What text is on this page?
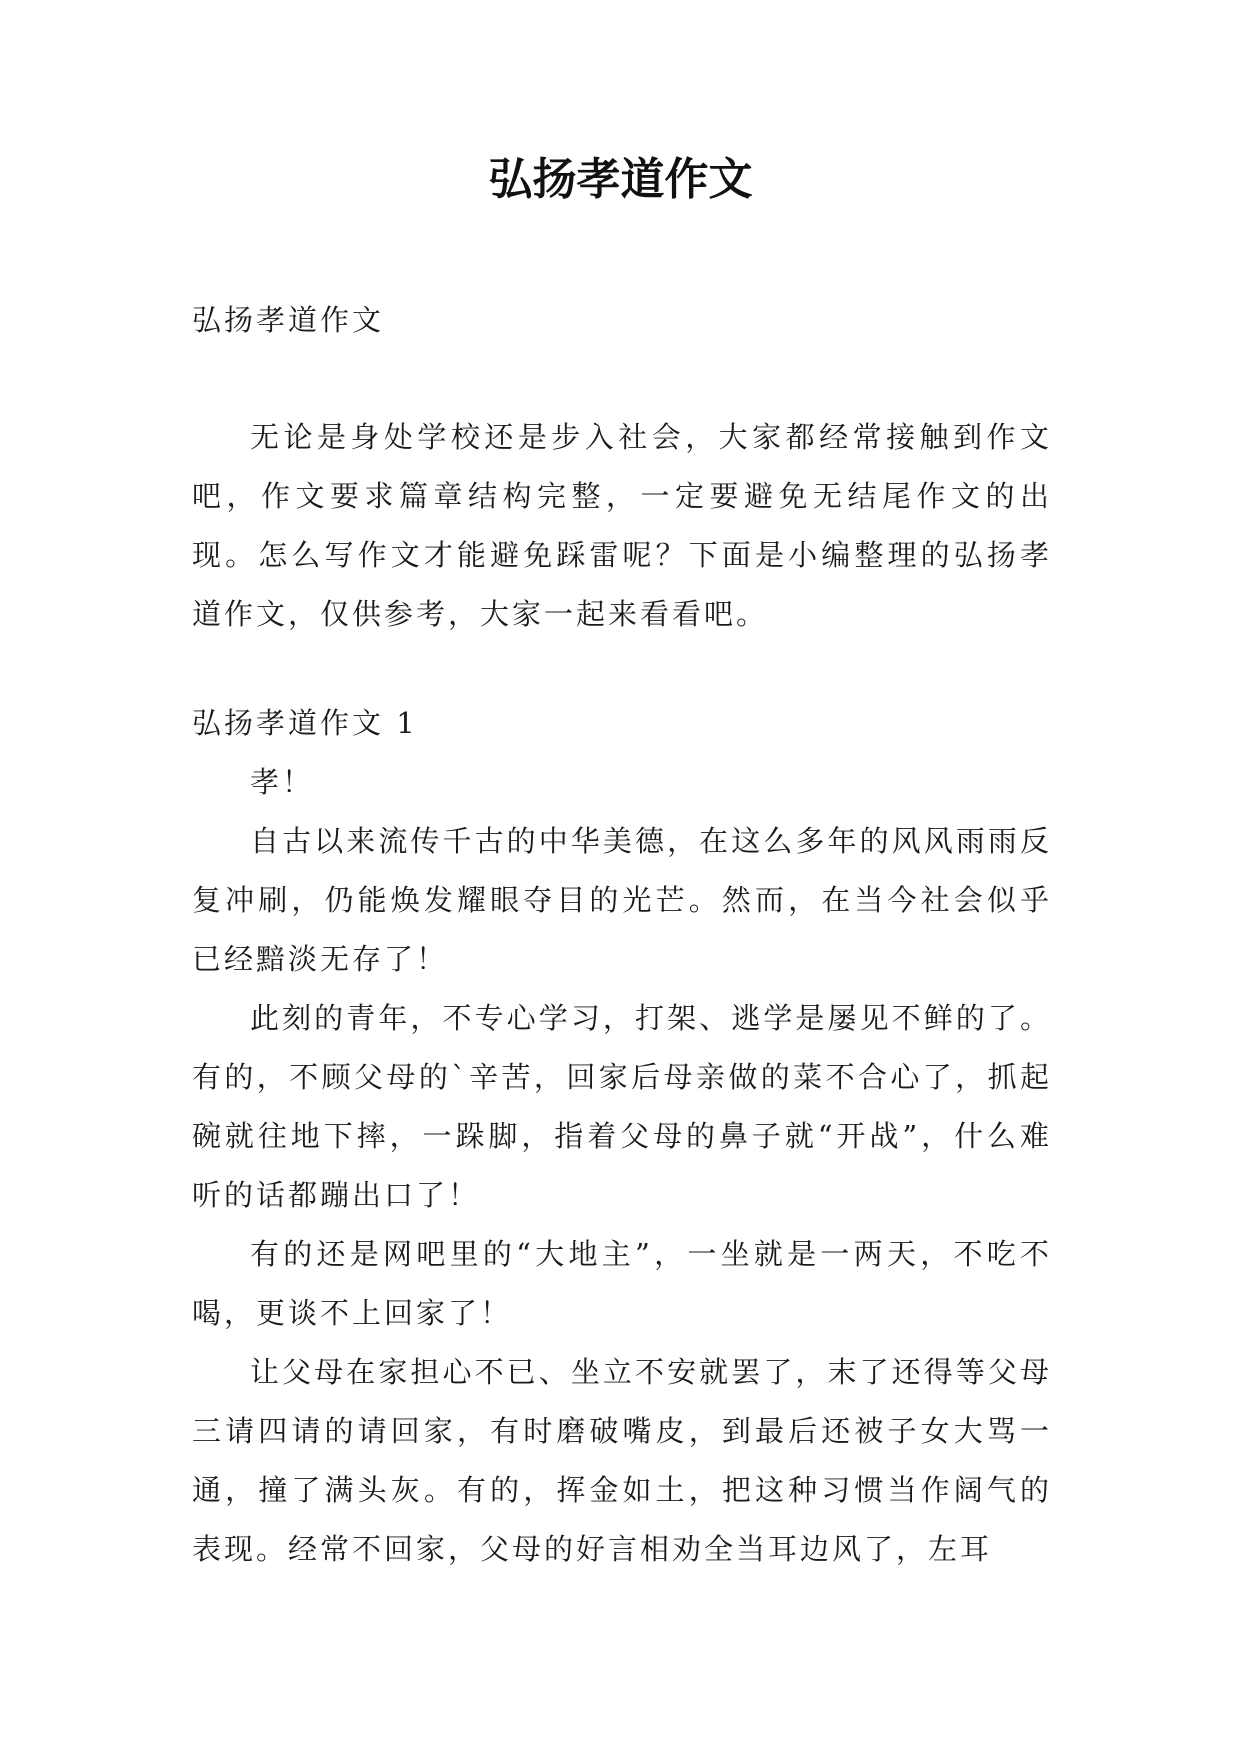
弘扬孝道作文

弘扬孝道作文

无论是身处学校还是步入社会，大家都经常接触到作文吧，作文要求篇章结构完整，一定要避免无结尾作文的出现。怎么写作文才能避免踩雷呢？下面是小编整理的弘扬孝道作文，仅供参考，大家一起来看看吧。

弘扬孝道作文 1

孝！

自古以来流传千古的中华美德，在这么多年的风风雨雨反复冲刷，仍能焕发耀眼夺目的光芒。然而，在当今社会似乎已经黯淡无存了！

此刻的青年，不专心学习，打架、逃学是屡见不鲜的了。有的，不顾父母的`辛苦，回家后母亲做的菜不合心了，抓起碗就往地下摔，一跺脚，指着父母的鼻子就“开战”，什么难听的话都蹦出口了！

有的还是网吧里的“大地主”，一坐就是一两天，不吃不喝，更谈不上回家了！

让父母在家担心不已、坐立不安就罢了，末了还得等父母三请四请的请回家，有时磨破嘴皮，到最后还被子女大骂一通，撞了满头灰。有的，挥金如土，把这种习惯当作阔气的表现。经常不回家，父母的好言相劝全当耳边风了，左耳
